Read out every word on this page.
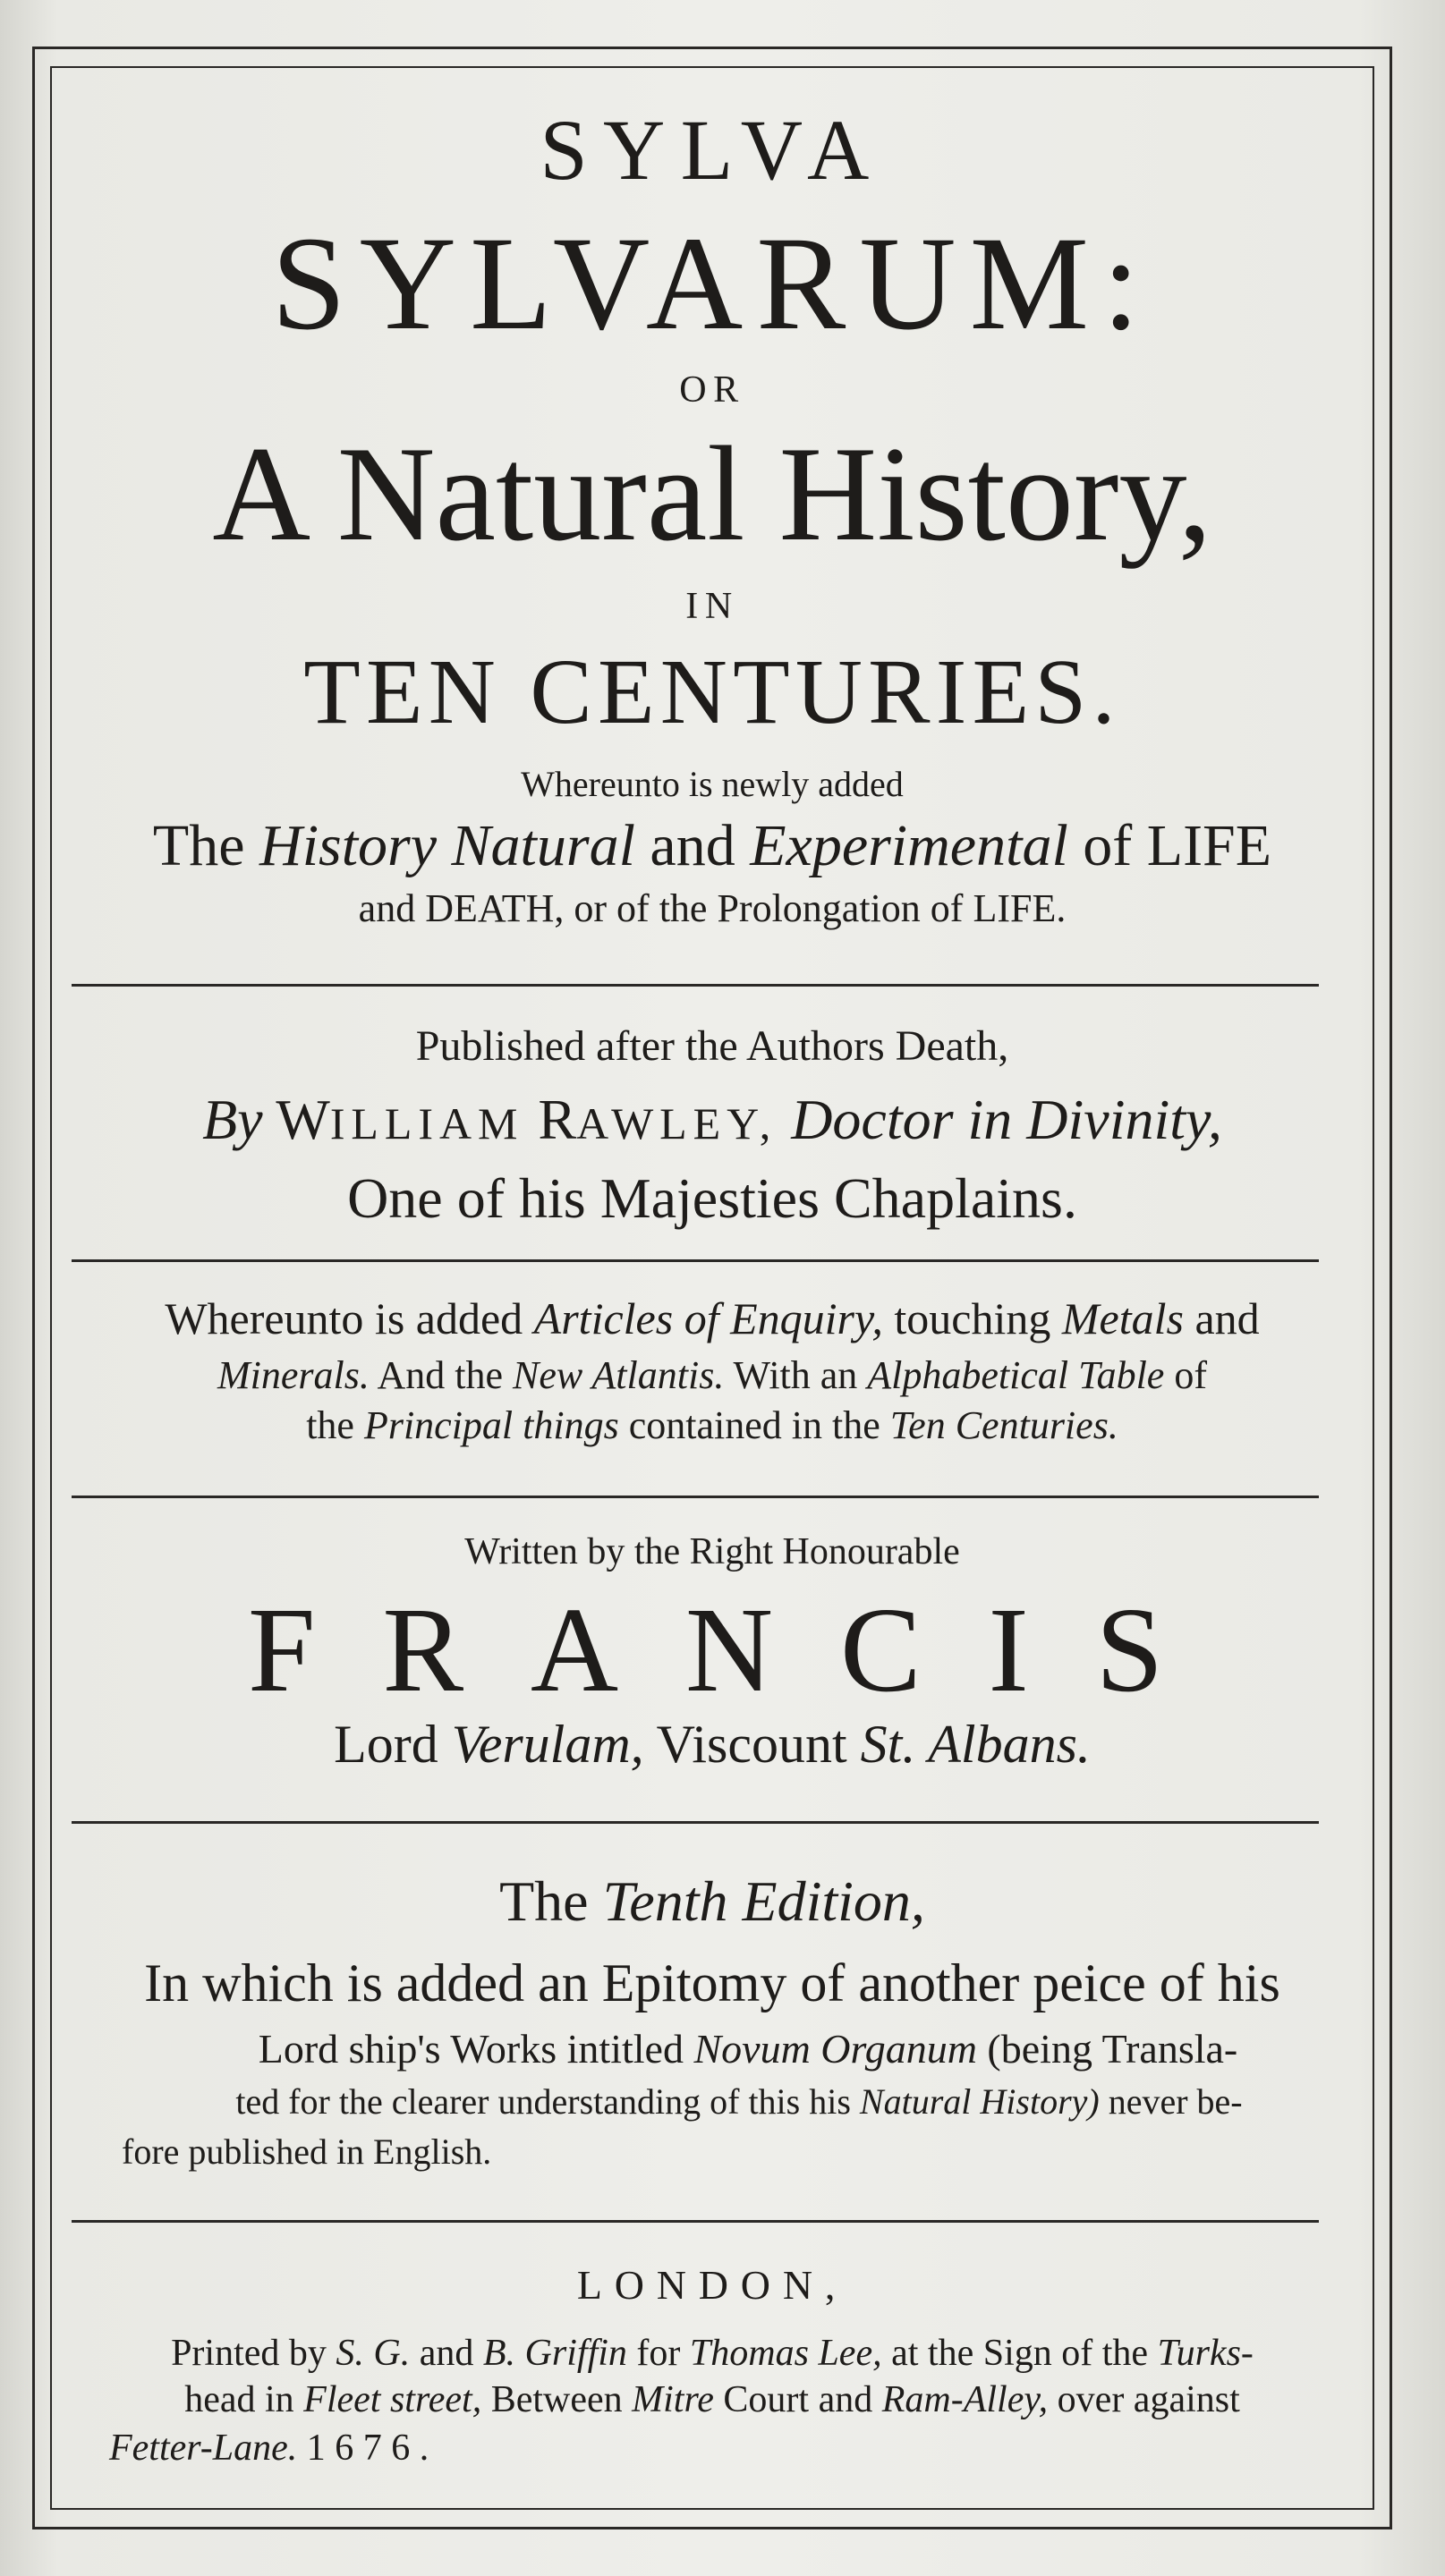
SYLVA
SYLVARUM:
OR
A Natural History,
IN
TEN CENTURIES.
Whereunto is newly added
The History Natural and Experimental of LIFE
and DEATH, or of the Prolongation of LIFE.
Published after the Authors Death,
By WILLIAM RAWLEY, Doctor in Divinity,
One of his Majesties Chaplains.
Whereunto is added Articles of Enquiry, touching Metals and
Minerals. And the New Atlantis. With an Alphabetical Table of
the Principal things contained in the Ten Centuries.
Written by the Right Honourable
FRANCIS
Lord Verulam, Viscount St. Albans.
The Tenth Edition,
In which is added an Epitomy of another peice of his
Lord ship's Works intitled Novum Organum (being Transla-
ted for the clearer understanding of this his Natural History) never be-
fore published in English.
LONDON,
Printed by S. G. and B. Griffin for Thomas Lee, at the Sign of the Turks-
head in Fleet street, Between Mitre Court and Ram-Alley, over against
Fetter-Lane. 1676.
